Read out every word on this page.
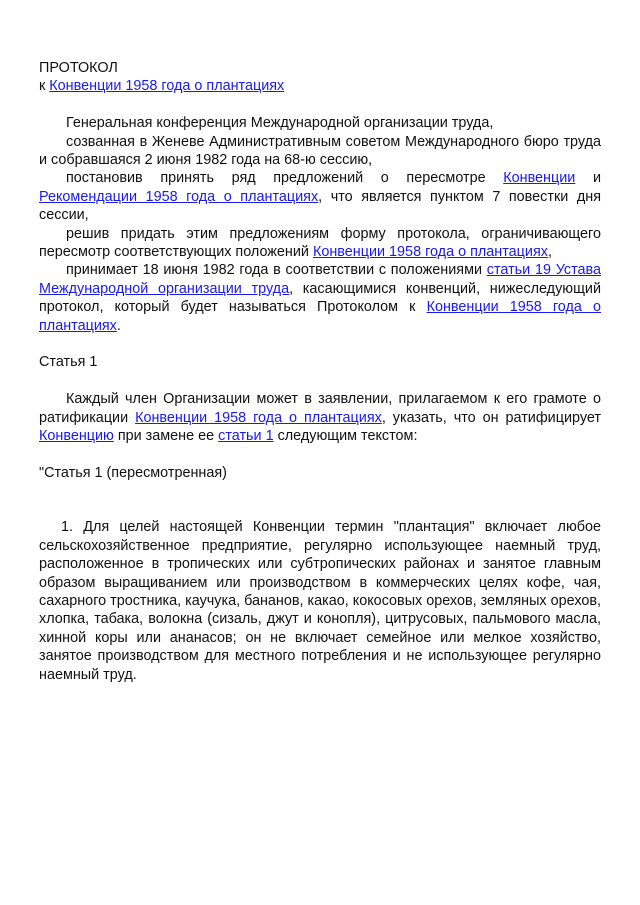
ПРОТОКОЛ

к Конвенции 1958 года о плантациях

Генеральная конференция Международной организации труда,

созванная в Женеве Административным советом Международного бюро труда и собравшаяся 2 июня 1982 года на 68-ю сессию,

постановив принять ряд предложений о пересмотре Конвенции и Рекомендации 1958 года о плантациях, что является пунктом 7 повестки дня сессии,

решив придать этим предложениям форму протокола, ограничивающего пересмотр соответствующих положений Конвенции 1958 года о плантациях,

принимает 18 июня 1982 года в соответствии с положениями статьи 19 Устава Международной организации труда, касающимися конвенций, нижеследующий протокол, который будет называться Протоколом к Конвенции 1958 года о плантациях.

Статья 1

Каждый член Организации может в заявлении, прилагаемом к его грамоте о ратификации Конвенции 1958 года о плантациях, указать, что он ратифицирует Конвенцию при замене ее статьи 1 следующим текстом:

"Статья 1 (пересмотренная)

1. Для целей настоящей Конвенции термин "плантация" включает любое сельскохозяйственное предприятие, регулярно использующее наемный труд, расположенное в тропических или субтропических районах и занятое главным образом выращиванием или производством в коммерческих целях кофе, чая, сахарного тростника, каучука, бананов, какао, кокосовых орехов, земляных орехов, хлопка, табака, волокна (сизаль, джут и конопля), цитрусовых, пальмового масла, хинной коры или ананасов; он не включает семейное или мелкое хозяйство, занятое производством для местного потребления и не использующее регулярно наемный труд.
